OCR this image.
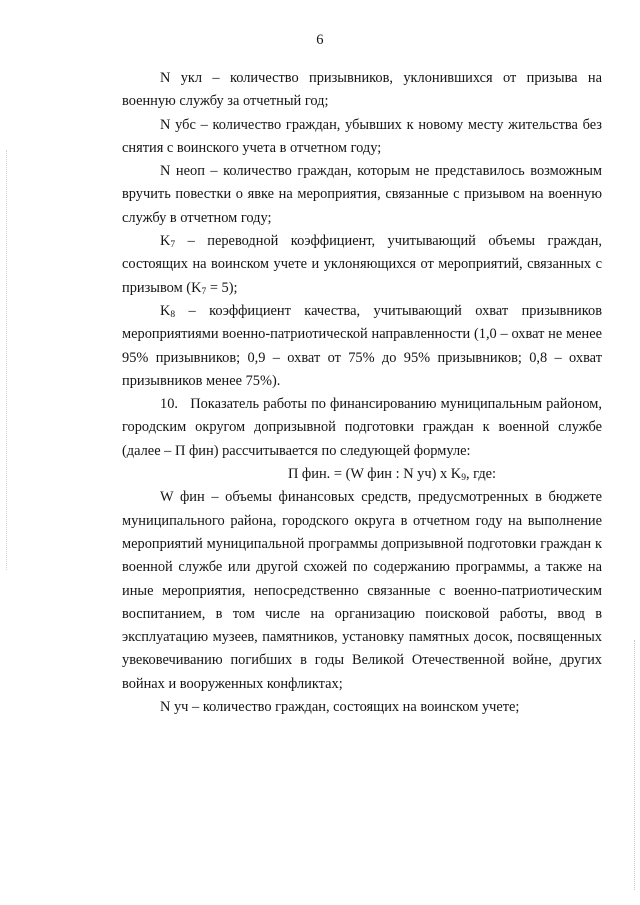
6

N укл – количество призывников, уклонившихся от призыва на военную службу за отчетный год;

N убс – количество граждан, убывших к новому месту жительства без снятия с воинского учета в отчетном году;

N неоп – количество граждан, которым не представилось возможным вручить повестки о явке на мероприятия, связанные с призывом на военную службу в отчетном году;

$K_7$ – переводной коэффициент, учитывающий объемы граждан, состоящих на воинском учете и уклоняющихся от мероприятий, связанных с призывом $(K_7 = 5)$;

$K_8$ – коэффициент качества, учитывающий охват призывников мероприятиями военно-патриотической направленности (1,0 – охват не менее 95% призывников; 0,9 – охват от 75% до 95% призывников; 0,8 – охват призывников менее 75%).

10.   Показатель работы по финансированию муниципальным районом, городским округом допризывной подготовки граждан к военной службе (далее – П фин) рассчитывается по следующей формуле:

П фин. = (W фин : N уч) x $K_9$, где:

W фин – объемы финансовых средств, предусмотренных в бюджете муниципального района, городского округа в отчетном году на выполнение мероприятий муниципальной программы допризывной подготовки граждан к военной службе или другой схожей по содержанию программы, а также на иные мероприятия, непосредственно связанные с военно-патриотическим воспитанием, в том числе на организацию поисковой работы, ввод в эксплуатацию музеев, памятников, установку памятных досок, посвященных увековечиванию погибших в годы Великой Отечественной войне, других войнах и вооруженных конфликтах;

N уч – количество граждан, состоящих на воинском учете;
